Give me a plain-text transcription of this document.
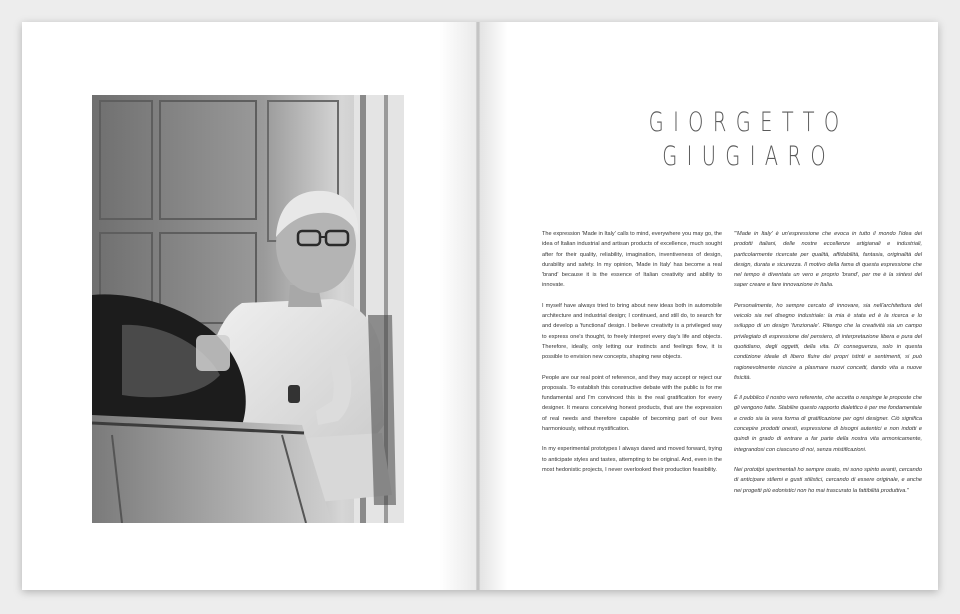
GIORGETTO
GIUGIARO

The expression 'Made in Italy' calls to mind, everywhere you may go, the idea of Italian industrial and artisan products of excellence, much sought after for their quality, reliability, imagination, inventiveness of design, durability and safety. In my opinion, 'Made in Italy' has become a real 'brand' because it is the essence of Italian creativity and ability to innovate.

I myself have always tried to bring about new ideas both in automobile architecture and industrial design; I continued, and still do, to search for and develop a 'functional' design. I believe creativity is a privileged way to express one's thought, to freely interpret every day's life and objects. Therefore, ideally, only letting our instincts and feelings flow, it is possible to envision new concepts, shaping new objects.

People are our real point of reference, and they may accept or reject our proposals. To establish this constructive debate with the public is for me fundamental and I'm convinced this is the real gratification for every designer. It means conceiving honest products, that are the expression of real needs and therefore capable of becoming part of our lives harmoniously, without mystification.

In my experimental prototypes I always dared and moved forward, trying to anticipate styles and tastes, attempting to be original. And, even in the most hedonistic projects, I never overlooked their production feasibility.

"'Made in Italy' è un'espressione che evoca in tutto il mondo l'idea dei prodotti italiani, delle nostre eccellenze artigianali e industriali, particolarmente ricercate per qualità, affidabilità, fantasia, originalità del design, durata e sicurezza. Il motivo della fama di questa espressione che nel tempo è diventata un vero e proprio 'brand', per me è la sintesi del saper creare e fare innovazione in Italia.

Personalmente, ho sempre cercato di innovare, sia nell'architettura del veicolo sia nel disegno industriale: la mia è stata ed è la ricerca e lo sviluppo di un design 'funzionale'. Ritengo che la creatività sia un campo privilegiato di espressione del pensiero, di interpretazione libera e pura del quotidiano, degli oggetti, della vita. Di conseguenza, solo in questa condizione ideale di libero fluire dei propri istinti e sentimenti, si può ragionevolmente riuscire a plasmare nuovi concetti, dando vita a nuove fisicità.

È il pubblico il nostro vero referente, che accetta o respinge le proposte che gli vengono fatte. Stabilire questo rapporto dialettico è per me fondamentale e credo sia la vera forma di gratificazione per ogni designer. Ciò significa concepire prodotti onesti, espressione di bisogni autentici e non indotti e quindi in grado di entrare a far parte della nostra vita armonicamente, integrandosi con ciascuno di noi, senza mistificazioni.

Nei prototipi sperimentali ho sempre osato, mi sono spinto avanti, cercando di anticipare stilemi e gusti stilistici, cercando di essere originale, e anche nei progetti più edonistici non ho mai trascurato la fattibilità produttiva."
